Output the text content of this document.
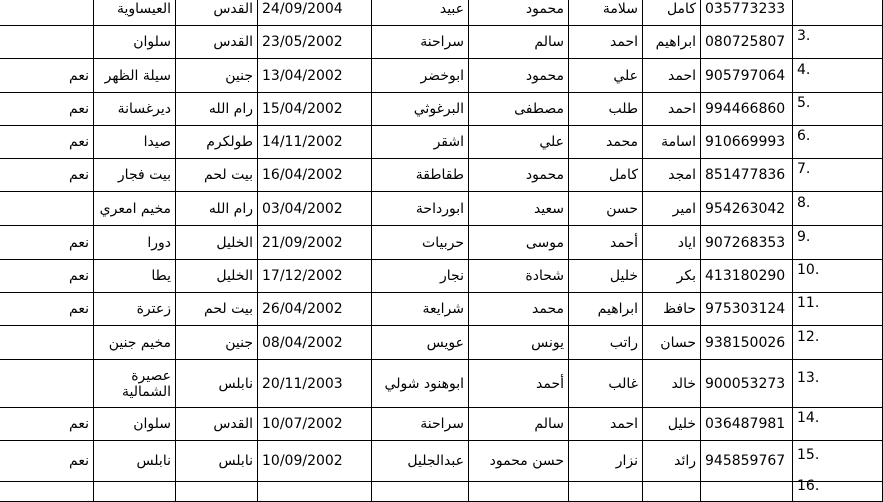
	035773233	كامل	سلامة	محمود	عبيد	24/09/2004	القدس	العيساوية	
3.	080725807	ابراهيم	احمد	سالم	سراحنة	23/05/2002	القدس	سلوان	
4.	905797064	احمد	علي	محمود	ابوخضر	13/04/2002	جنين	سيلة الظهر	نعم
5.	994466860	احمد	طلب	مصطفى	البرغوثي	15/04/2002	رام الله	ديرغسانة	نعم
6.	910669993	اسامة	محمد	علي	اشقر	14/11/2002	طولكرم	صيدا	نعم
7.	851477836	امجد	كامل	محمود	طقاطقة	16/04/2002	بيت لحم	بيت فجار	نعم
8.	954263042	امير	حسن	سعيد	ابورداحة	03/04/2002	رام الله	مخيم امعري	
9.	907268353	اياد	أحمد	موسى	حربيات	21/09/2002	الخليل	دورا	نعم
10.	413180290	بكر	خليل	شحادة	نجار	17/12/2002	الخليل	يطا	نعم
11.	975303124	حافظ	ابراهيم	محمد	شرايعة	26/04/2002	بيت لحم	زعترة	نعم
12.	938150026	حسان	راتب	يونس	عويس	08/04/2002	جنين	مخيم جنين	
13.	900053273	خالد	غالب	أحمد	ابوهنود شولي	20/11/2003	نابلس	عصيرة الشمالية	
14.	036487981	خليل	احمد	سالم	سراحنة	10/07/2002	القدس	سلوان	نعم
15.	945859767	رائد	نزار	حسن محمود	عبدالجليل	10/09/2002	نابلس	نابلس	نعم
16.									
